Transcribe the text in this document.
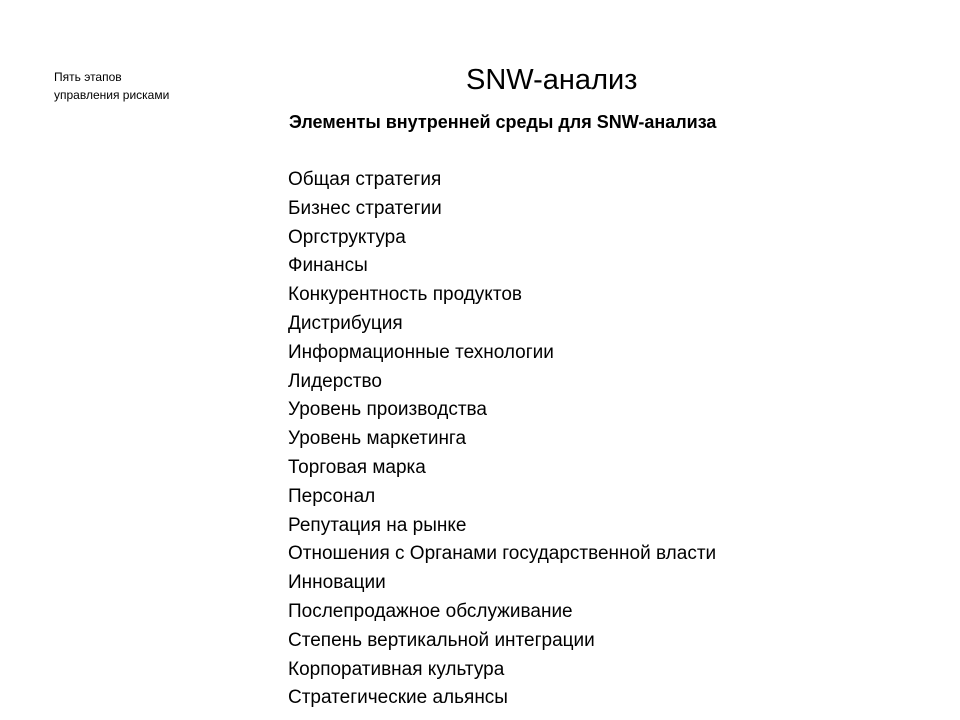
Пять этапов
управления рисками	SNW-анализ
Элементы внутренней среды для SNW-анализа
Общая стратегия
Бизнес стратегии
Оргструктура
Финансы
Конкурентность продуктов
Дистрибуция
Информационные технологии
Лидерство
Уровень производства
Уровень маркетинга
Торговая марка
Персонал
Репутация на рынке
Отношения с Органами государственной власти
Инновации
Послепродажное обслуживание
Степень вертикальной интеграции
Корпоративная культура
Стратегические альянсы
